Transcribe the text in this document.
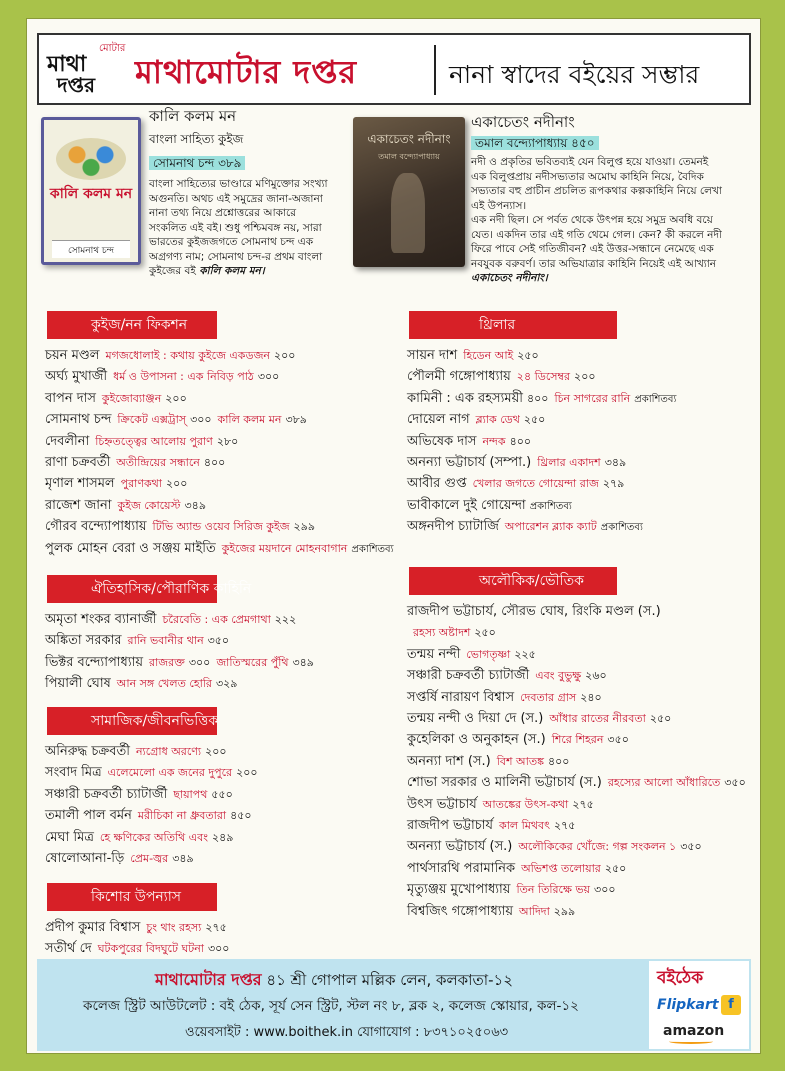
মাথা
মোটার
দপ্তর মাথামোটার দপ্তর	নানা স্বাদের বইয়ের সম্ভার
কালি কলম মন
সোমনাথ চন্দ
কালি কলম মন
বাংলা সাহিত্য কুইজ
সোমনাথ চন্দ ৩৮৯
বাংলা সাহিত্যের ভাণ্ডারে মণিমুক্তোর সংখ্যা
অগুনতি। অথচ এই সমুদ্রের জানা-অজানা
নানা তথ্য নিয়ে প্রশ্নোত্তরের আকারে
সংকলিত এই বই। শুধু পশ্চিমবঙ্গ নয়, সারা
ভারতের কুইজজগতে সোমনাথ চন্দ এক
অগ্রগণ্য নাম; সোমনাথ চন্দ-র প্রথম বাংলা
কুইজের বই কালি কলম মন।
একাচেতং নদীনাং
তমাল বন্দ্যোপাধ্যায়
একাচেতং নদীনাং
তমাল বন্দ্যোপাধ্যায় ৪৫০
নদী ও প্রকৃতির ভবিতব্যই যেন বিলুপ্ত হয়ে যাওয়া। তেমনই
এক বিলুপ্তপ্রায় নদীসভ্যতার অমোঘ কাহিনি নিয়ে, বৈদিক
সভ্যতার বহু প্রাচীন প্রচলিত রূপকথার কল্পকাহিনি নিয়ে লেখা
এই উপন্যাস।
এক নদী ছিল। সে পর্বত থেকে উৎপন্ন হয়ে সমুদ্র অবধি বয়ে
যেত। একদিন তার এই গতি থেমে গেল। কেন? কী করলে নদী
ফিরে পাবে সেই গতিজীবন? এই উত্তর-সন্ধানে নেমেছে এক
নবযুবক বরুবর্ণ। তার অভিযাত্রার কাহিনি নিয়েই এই আখ্যান
একাচেতং নদীনাং।
কুইজ/নন ফিকশন
চয়ন মণ্ডল মগজধোলাই : কথায় কুইজে একডজন ২০০
অর্ঘ্য মুখার্জী ধর্ম ও উপাসনা : এক নিবিড় পাঠ ৩০০
বাপন দাস কুইজোব্যাঞ্জন ২০০
সোমনাথ চন্দ ক্রিকেট এক্সট্রাস্ ৩০০ কালি কলম মন ৩৮৯
দেবলীনা চিহ্নতত্ত্বের আলোয় পুরাণ ২৮০
রাণা চক্রবর্তী অতীন্দ্রিয়ের সন্ধানে ৪০০
মৃণাল শাসমল পুরাণকথা ২০০
রাজেশ জানা কুইজ কোয়েস্ট ৩৪৯
গৌরব বন্দ্যোপাধ্যায় টিভি অ্যান্ড ওয়েব সিরিজ কুইজ ২৯৯
পুলক মোহন বেরা ও সঞ্জয় মাইতি কুইজের ময়দানে মোহনবাগান প্রকাশিতব্য
ঐতিহাসিক/পৌরাণিক কাহিনি
অমৃতা শংকর ব্যানার্জী চরৈবেতি : এক প্রেমগাথা ২২২
অঙ্কিতা সরকার রানি ভবানীর থান ৩৫০
ভিক্টর বন্দ্যোপাধ্যায় রাজরক্ত ৩০০ জাতিস্মরের পুঁথি ৩৪৯
পিয়ালী ঘোষ আন সঙ্গ খেলত হোরি ৩২৯
সামাজিক/জীবনভিত্তিক
অনিরুদ্ধ চক্রবর্তী ন্যগ্রোধ অরণ্যে ২০০
সংবাদ মিত্র এলেমেলো এক জনের দুপুরে ২০০
সঞ্চারী চক্রবর্তী চ্যাটার্জী ছায়াপথ ৫৫০
তমালী পাল বর্মন মরীচিকা না ধ্রুবতারা ৪৫০
মেঘা মিত্র হে ক্ষণিকের অতিথি এবং ২৪৯
ষোলোআনা-ড়ি প্রেম-জ্বর ৩৪৯
কিশোর উপন্যাস
প্রদীপ কুমার বিশ্বাস চুং থাং রহস্য ২৭৫
সতীর্থ দে ঘটকপুরের বিদঘুটে ঘটনা ৩০০
থ্রিলার
সায়ন দাশ হিডেন আই ২৫০
পৌলমী গঙ্গোপাধ্যায় ২৪ ডিসেম্বর ২০০
কামিনী : এক রহস্যময়ী ৪০০ চিন সাগরের রানি প্রকাশিতব্য
দোয়েল নাগ ব্ল্যাক ডেথ ২৫০
অভিষেক দাস নন্দক ৪০০
অনন্যা ভট্টাচার্য (সম্পা.) থ্রিলার একাদশ ৩৪৯
আবীর গুপ্ত খেলার জগতে গোয়েন্দা রাজ ২৭৯
ভাবীকালে দুই গোয়েন্দা প্রকাশিতব্য
অঙ্গনদীপ চ্যাটার্জি অপারেশন ব্ল্যাক ক্যাট প্রকাশিতব্য
অলৌকিক/ভৌতিক
রাজদীপ ভট্টাচার্য, সৌরভ ঘোষ, রিংকি মণ্ডল (স.)
রহস্য অষ্টাদশ ২৫০
তন্ময় নন্দী ভোগতৃষ্ণা ২২৫
সঞ্চারী চক্রবর্তী চ্যাটার্জী এবং বুভুক্ষু ২৬০
সপ্তর্ষি নারায়ণ বিশ্বাস দেবতার গ্রাস ২৪০
তন্ময় নন্দী ও দিয়া দে (স.) আঁধার রাতের নীরবতা ২৫০
কুহেলিকা ও অনুকাহন (স.) শিরে শিহরন ৩৫০
অনন্যা দাশ (স.) বিশ আতঙ্ক ৪০০
শোভা সরকার ও মালিনী ভট্টাচার্য (স.) রহস্যের আলো আঁধারিতে ৩৫০
উৎস ভট্টাচার্য আতঙ্কের উৎস-কথা ২৭৫
রাজদীপ ভট্টাচার্য কাল মিথবৎ ২৭৫
অনন্যা ভট্টাচার্য (স.) অলৌকিকের খোঁজে: গল্প সংকলন ১ ৩৫০
পার্থসারথি পরামানিক অভিশপ্ত তলোয়ার ২৫০
মৃত্যুঞ্জয় মুখোপাধ্যায় তিন তিরিক্ষে ভয় ৩০০
বিশ্বজিৎ গঙ্গোপাধ্যায় আদিদা ২৯৯
মাথামোটার দপ্তর ৪১ শ্রী গোপাল মল্লিক লেন, কলকাতা-১২
কলেজ স্ট্রিট আউটলেট : বই ঠেক, সূর্য সেন স্ট্রিট, স্টল নং ৮, ব্লক ২, কলেজ স্কোয়ার, কল-১২
ওয়েবসাইট : www.boithek.in যোগাযোগ : ৮৩৭১০২৫০৬৩
বইঠেক
Flipkart f
amazon
